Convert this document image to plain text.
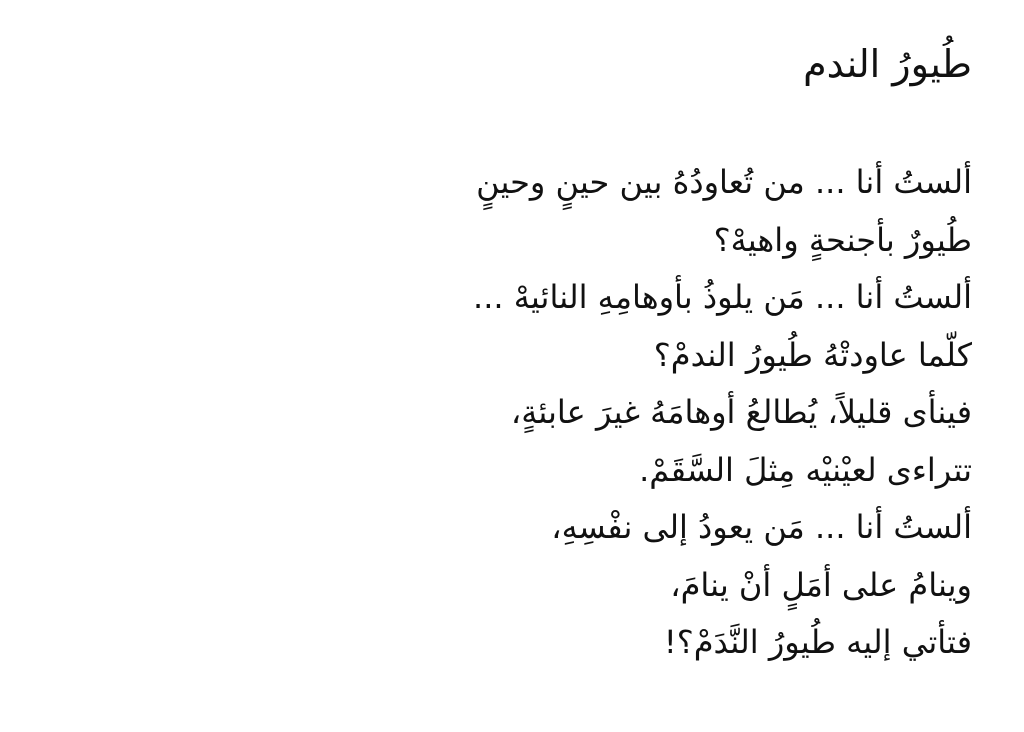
طُيورُ الندم
ألستُ أنا ... من تُعاودُهُ بين حينٍ وحينٍ
طُيورٌ بأجنحةٍ واهيهْ؟
ألستُ أنا ... مَن يلوذُ بأوهامِهِ النائيهْ ...
كلّما عاودتْهُ طُيورُ الندمْ؟
فينأى قليلاً، يُطالعُ أوهامَهُ غيرَ عابئةٍ،
تتراءى لعيْنيْه مِثلَ السَّقَمْ.
ألستُ أنا ... مَن يعودُ إلى نفْسِهِ،
وينامُ على أمَلٍ أنْ ينامَ،
فتأتي إليه طُيورُ النَّدَمْ؟!
